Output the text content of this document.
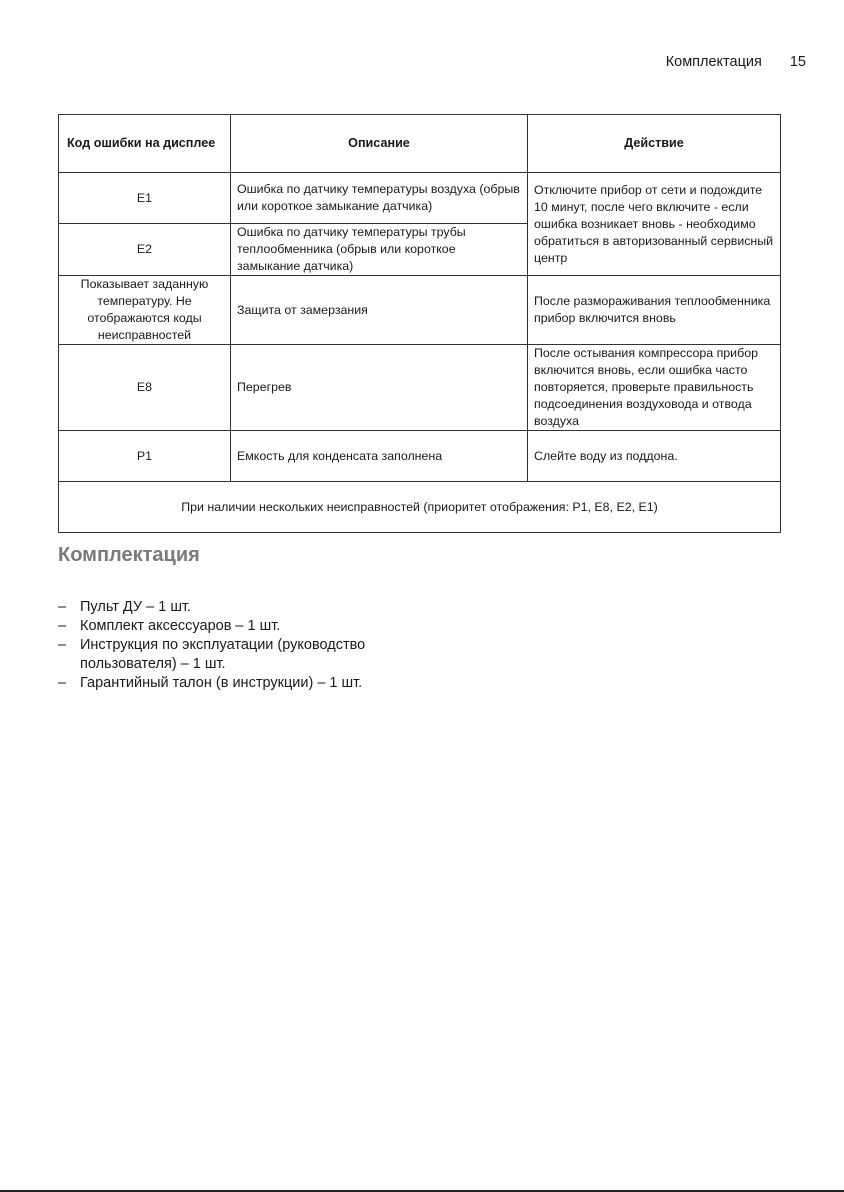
Комплектация 15
Код ошибки на дисплее	Описание	Действие
E1	Ошибка по датчику температуры воздуха (обрыв или короткое замыкание датчика)	Отключите прибор от сети и подождите 10 минут, после чего включите - если ошибка возникает вновь - необходимо обратиться в авторизованный сервисный центр
E2	Ошибка по датчику температуры трубы теплообменника (обрыв или короткое замыкание датчика)	
Показывает заданную температуру. Не отображаются коды неисправностей	Защита от замерзания	После размораживания теплообменника прибор включится вновь
E8	Перегрев	После остывания компрессора прибор включится вновь, если ошибка часто повторяется, проверьте правильность подсоединения воздуховода и отвода воздуха
P1	Емкость для конденсата заполнена	Слейте воду из поддона.
При наличии нескольких неисправностей (приоритет отображения: P1, E8, E2, E1)		
Комплектация
– Пульт ДУ – 1 шт.
– Комплект аксессуаров – 1 шт.
– Инструкция по эксплуатации (руководство пользователя) – 1 шт.
– Гарантийный талон (в инструкции) – 1 шт.
